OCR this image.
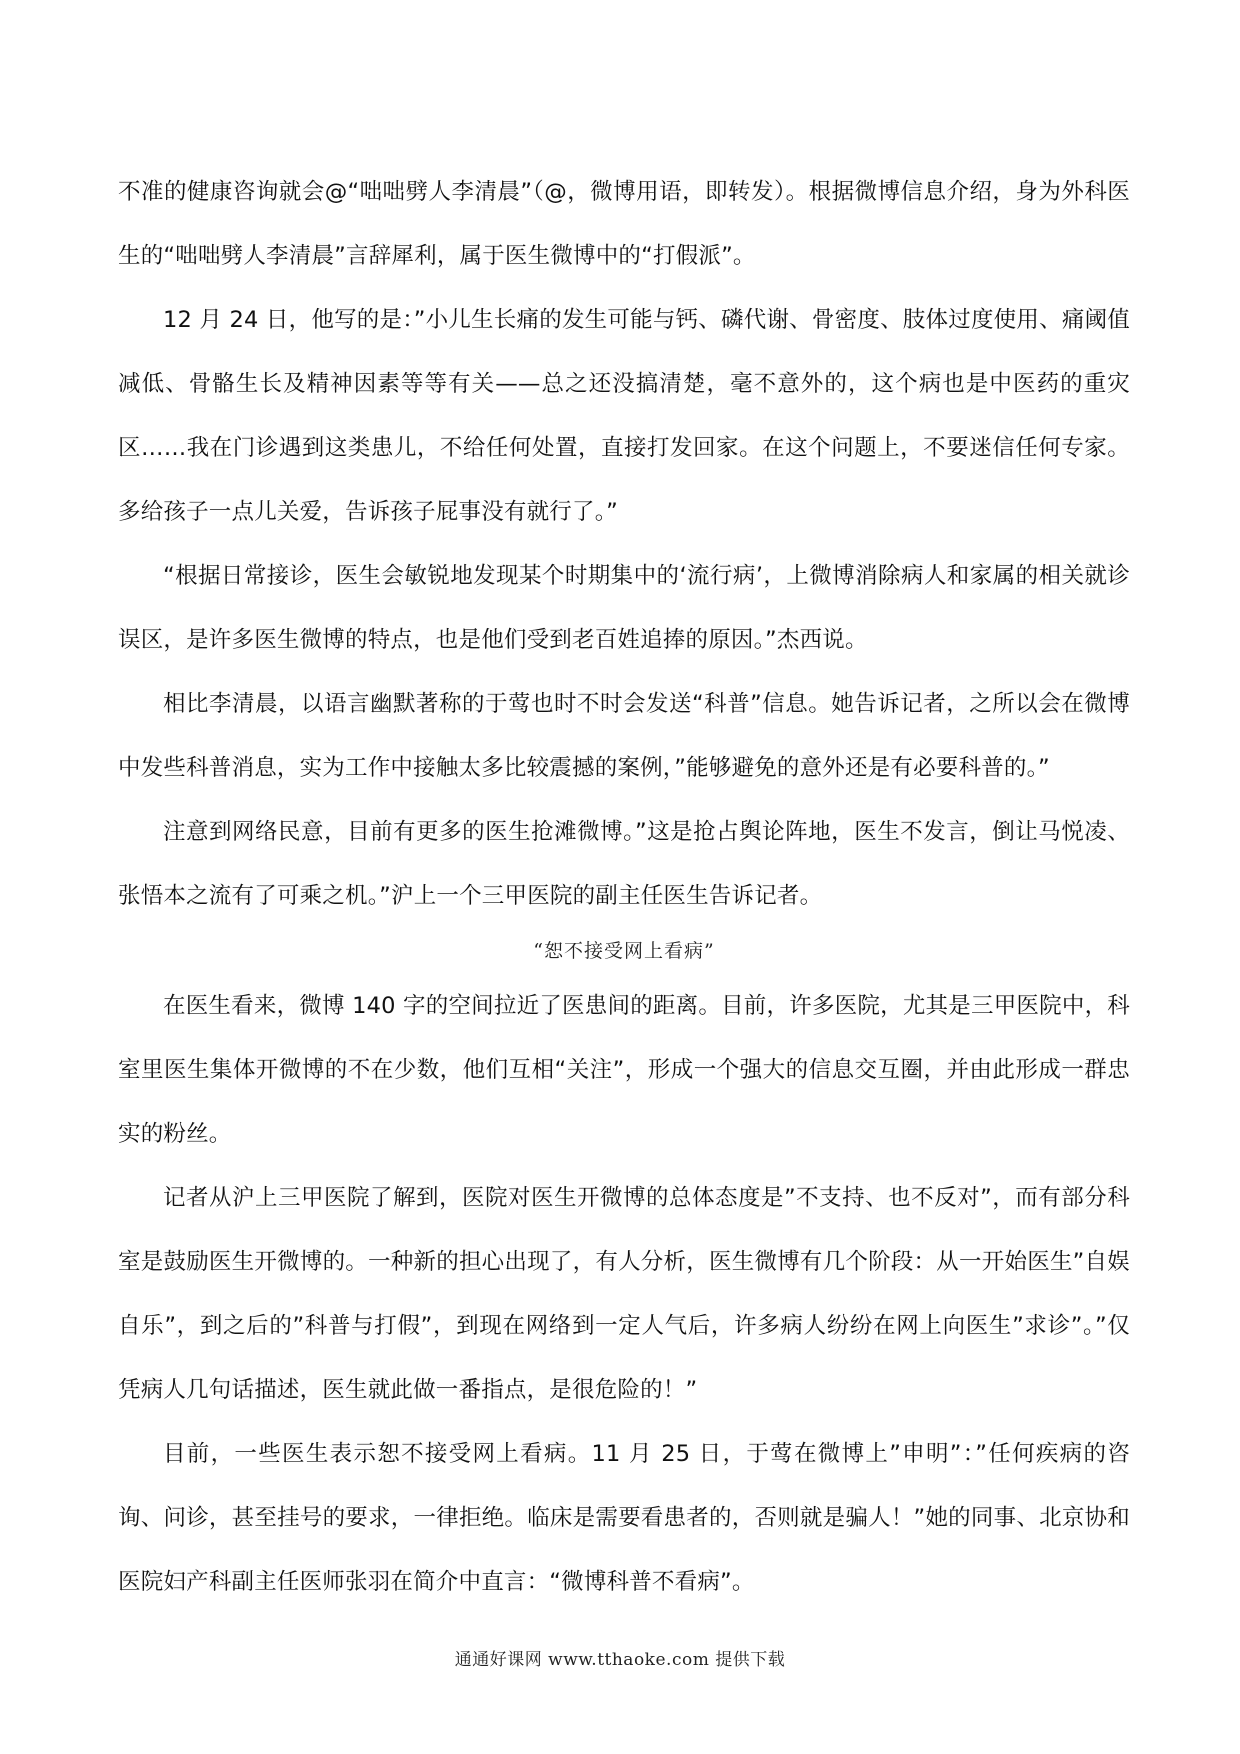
不准的健康咨询就会@“咄咄劈人李清晨”（@，微博用语，即转发）。根据微博信息介绍，身为外科医生的“咄咄劈人李清晨”言辞犀利，属于医生微博中的“打假派”。

12 月 24 日，他写的是：”小儿生长痛的发生可能与钙、磷代谢、骨密度、肢体过度使用、痛阈值减低、骨骼生长及精神因素等等有关——总之还没搞清楚，毫不意外的，这个病也是中医药的重灾区……我在门诊遇到这类患儿，不给任何处置，直接打发回家。在这个问题上，不要迷信任何专家。多给孩子一点儿关爱，告诉孩子屁事没有就行了。”

“根据日常接诊，医生会敏锐地发现某个时期集中的‘流行病’，上微博消除病人和家属的相关就诊误区，是许多医生微博的特点，也是他们受到老百姓追捧的原因。”杰西说。

相比李清晨，以语言幽默著称的于莺也时不时会发送“科普”信息。她告诉记者，之所以会在微博中发些科普消息，实为工作中接触太多比较震撼的案例，”能够避免的意外还是有必要科普的。”

注意到网络民意，目前有更多的医生抢滩微博。”这是抢占舆论阵地，医生不发言，倒让马悦凌、张悟本之流有了可乘之机。”沪上一个三甲医院的副主任医生告诉记者。

“恕不接受网上看病”

在医生看来，微博 140 字的空间拉近了医患间的距离。目前，许多医院，尤其是三甲医院中，科室里医生集体开微博的不在少数，他们互相“关注”，形成一个强大的信息交互圈，并由此形成一群忠实的粉丝。

记者从沪上三甲医院了解到，医院对医生开微博的总体态度是”不支持、也不反对”，而有部分科室是鼓励医生开微博的。一种新的担心出现了，有人分析，医生微博有几个阶段：从一开始医生”自娱自乐”，到之后的”科普与打假”，到现在网络到一定人气后，许多病人纷纷在网上向医生”求诊”。”仅凭病人几句话描述，医生就此做一番指点，是很危险的！”

目前，一些医生表示恕不接受网上看病。11 月 25 日，于莺在微博上”申明”：”任何疾病的咨询、问诊，甚至挂号的要求，一律拒绝。临床是需要看患者的，否则就是骗人！”她的同事、北京协和医院妇产科副主任医师张羽在简介中直言：“微博科普不看病”。

通通好课网 www.tthaoke.com 提供下载
